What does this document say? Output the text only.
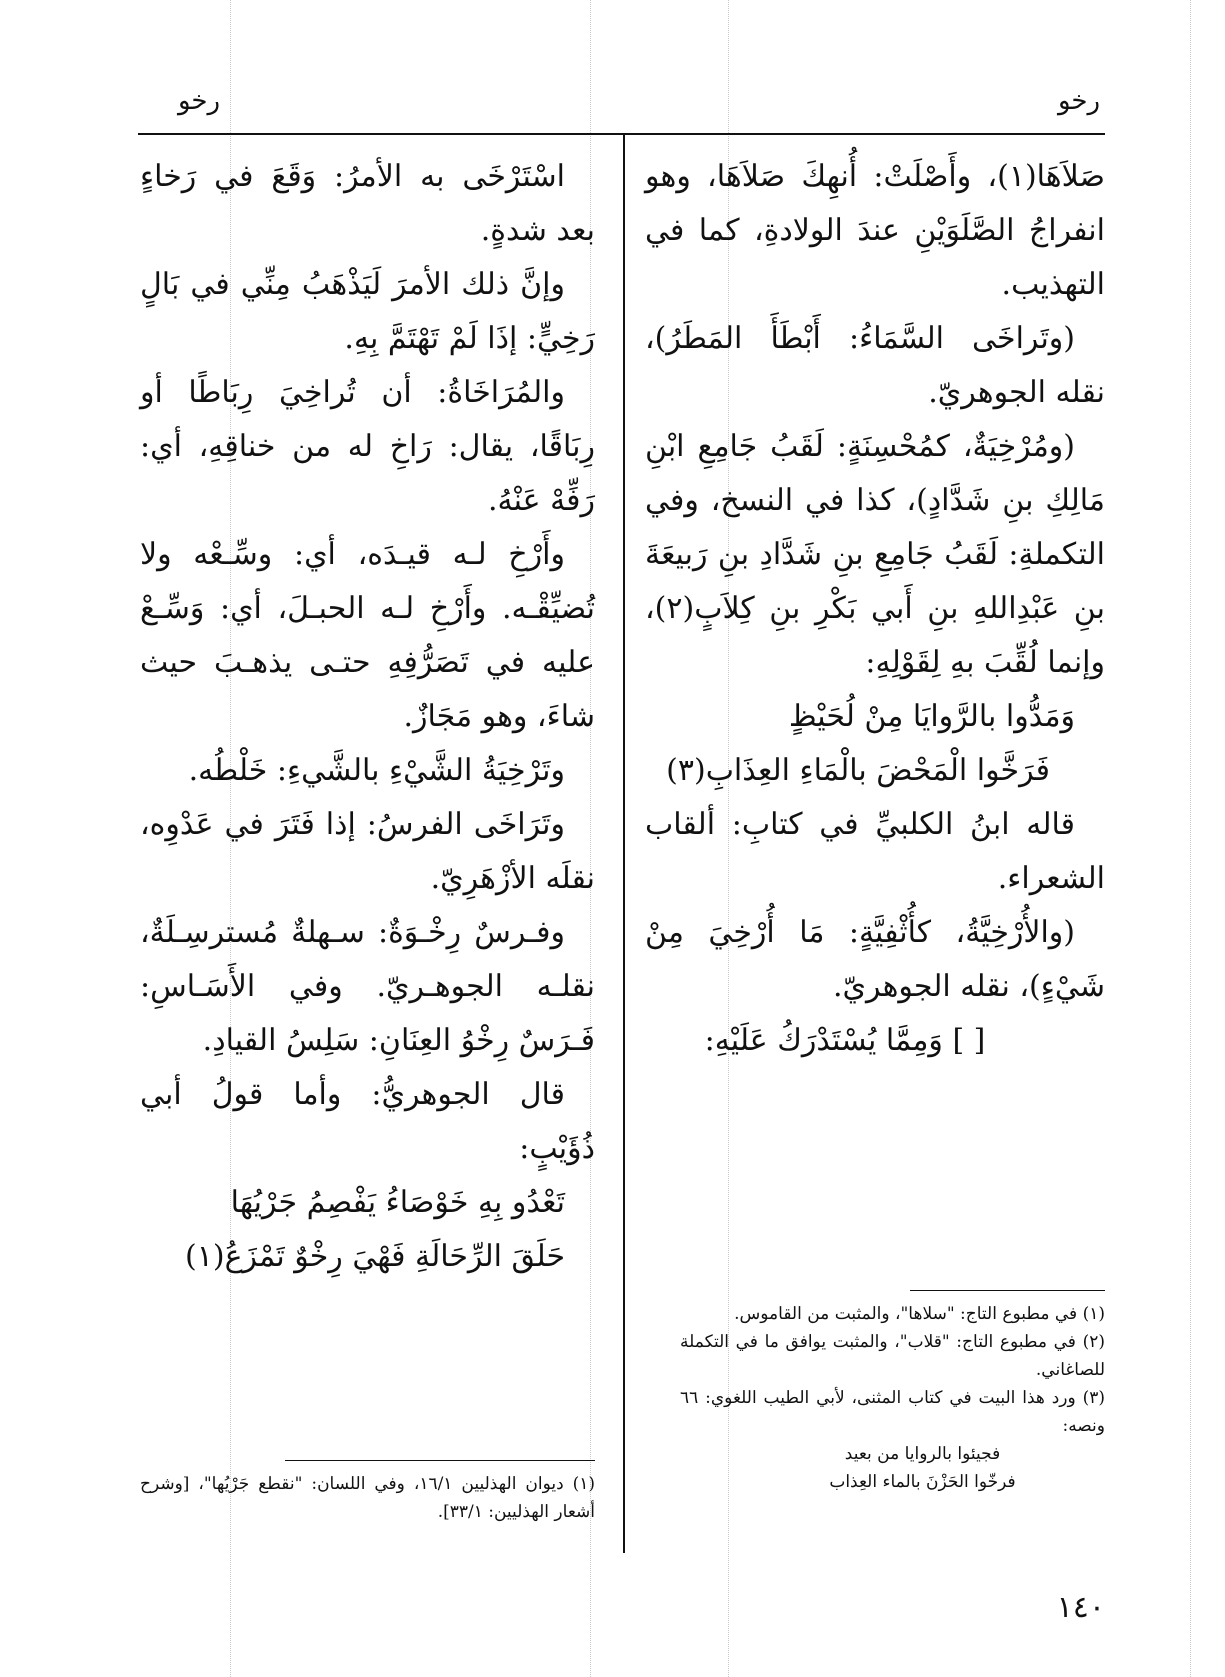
رخو	رخو

صَلاَهَا(١)، وأَصْلَتْ: أُنهِكَ صَلاَهَا، وهو انفراجُ الصَّلَوَيْنِ عندَ الولادةِ، كما في التهذيب.

(وتَراخَى السَّمَاءُ: أَبْطَأَ المَطَرُ)، نقله الجوهريّ.

(ومُرْخِيَةٌ، كمُحْسِنَةٍ: لَقَبُ جَامِعِ ابْنِ مَالِكِ بنِ شَدَّادٍ)، كذا في النسخ، وفي التكملةِ: لَقَبُ جَامِعِ بنِ شَدَّادِ بنِ رَبيعَةَ بنِ عَبْدِاللهِ بنِ أَبي بَكْرِ بنِ كِلاَبٍ(٢)، وإنما لُقِّبَ بهِ لِقَوْلِهِ:

وَمَدُّوا بالرَّوايَا مِنْ لُحَيْظٍ

فَرَخَّوا الْمَحْضَ بالْمَاءِ العِذَابِ(٣)

قاله ابنُ الكلبيِّ في كتابِ: ألقاب الشعراء.

(والأُرْخِيَّةُ، كأُثْفِيَّةٍ: مَا أُرْخِيَ مِنْ شَيْءٍ)، نقله الجوهريّ.

[ ] وَمِمَّا يُسْتَدْرَكُ عَلَيْهِ:

(١) في مطبوع التاج: "سلاها"، والمثبت من القاموس.

(٢) في مطبوع التاج: "قلاب"، والمثبت يوافق ما في التكملة للصاغاني.

(٣) ورد هذا البيت في كتاب المثنى، لأبي الطيب اللغوي: ٦٦ ونصه:

فجيئوا بالروايا من بعيد

فرخّوا الحَزْنَ بالماء العِذاب

اسْتَرْخَى به الأمرُ: وَقَعَ في رَخاءٍ بعد شدةٍ.

وإنَّ ذلك الأمرَ لَيَذْهَبُ مِنِّي في بَالٍ رَخِيٍّ: إذَا لَمْ تَهْتَمَّ بِهِ.

والمُرَاخَاةُ: أن تُراخِيَ رِبَاطًا أو رِبَاقًا، يقال: رَاخِ له من خناقِهِ، أي: رَفِّهْ عَنْهُ.

وأَرْخِ لـه قيـدَه، أي: وسِّـعْه ولا تُضيِّقْـه. وأَرْخِ لـه الحبـلَ، أي: وَسِّـعْ عليه في تَصَرُّفِهِ حتـى يذهـبَ حيث شاءَ، وهو مَجَازٌ.

وتَرْخِيَةُ الشَّيْءِ بالشَّيءِ: خَلْطُه.

وتَرَاخَى الفرسُ: إذا فَتَرَ في عَدْوِه، نقلَه الأزْهَرِيّ.

وفـرسٌ رِخْـوَةٌ: سـهلةٌ مُسترسِـلَةٌ، نقلـه الجوهـريّ. وفي الأَسَـاسِ: فَـرَسٌ رِخْوُ العِنَانِ: سَلِسُ القيادِ.

قال الجوهريُّ: وأما قولُ أبي ذُؤَيْبٍ:

تَعْدُو بِهِ خَوْصَاءُ يَفْصِمُ جَرْيُهَا

حَلَقَ الرِّحَالَةِ فَهْيَ رِخْوٌ تَمْزَعُ(١)

(١) ديوان الهذليين ١٦/١، وفي اللسان: "نقطع جَرْيُها"، [وشرح أشعار الهذليين: ٣٣/١].

١٤٠
